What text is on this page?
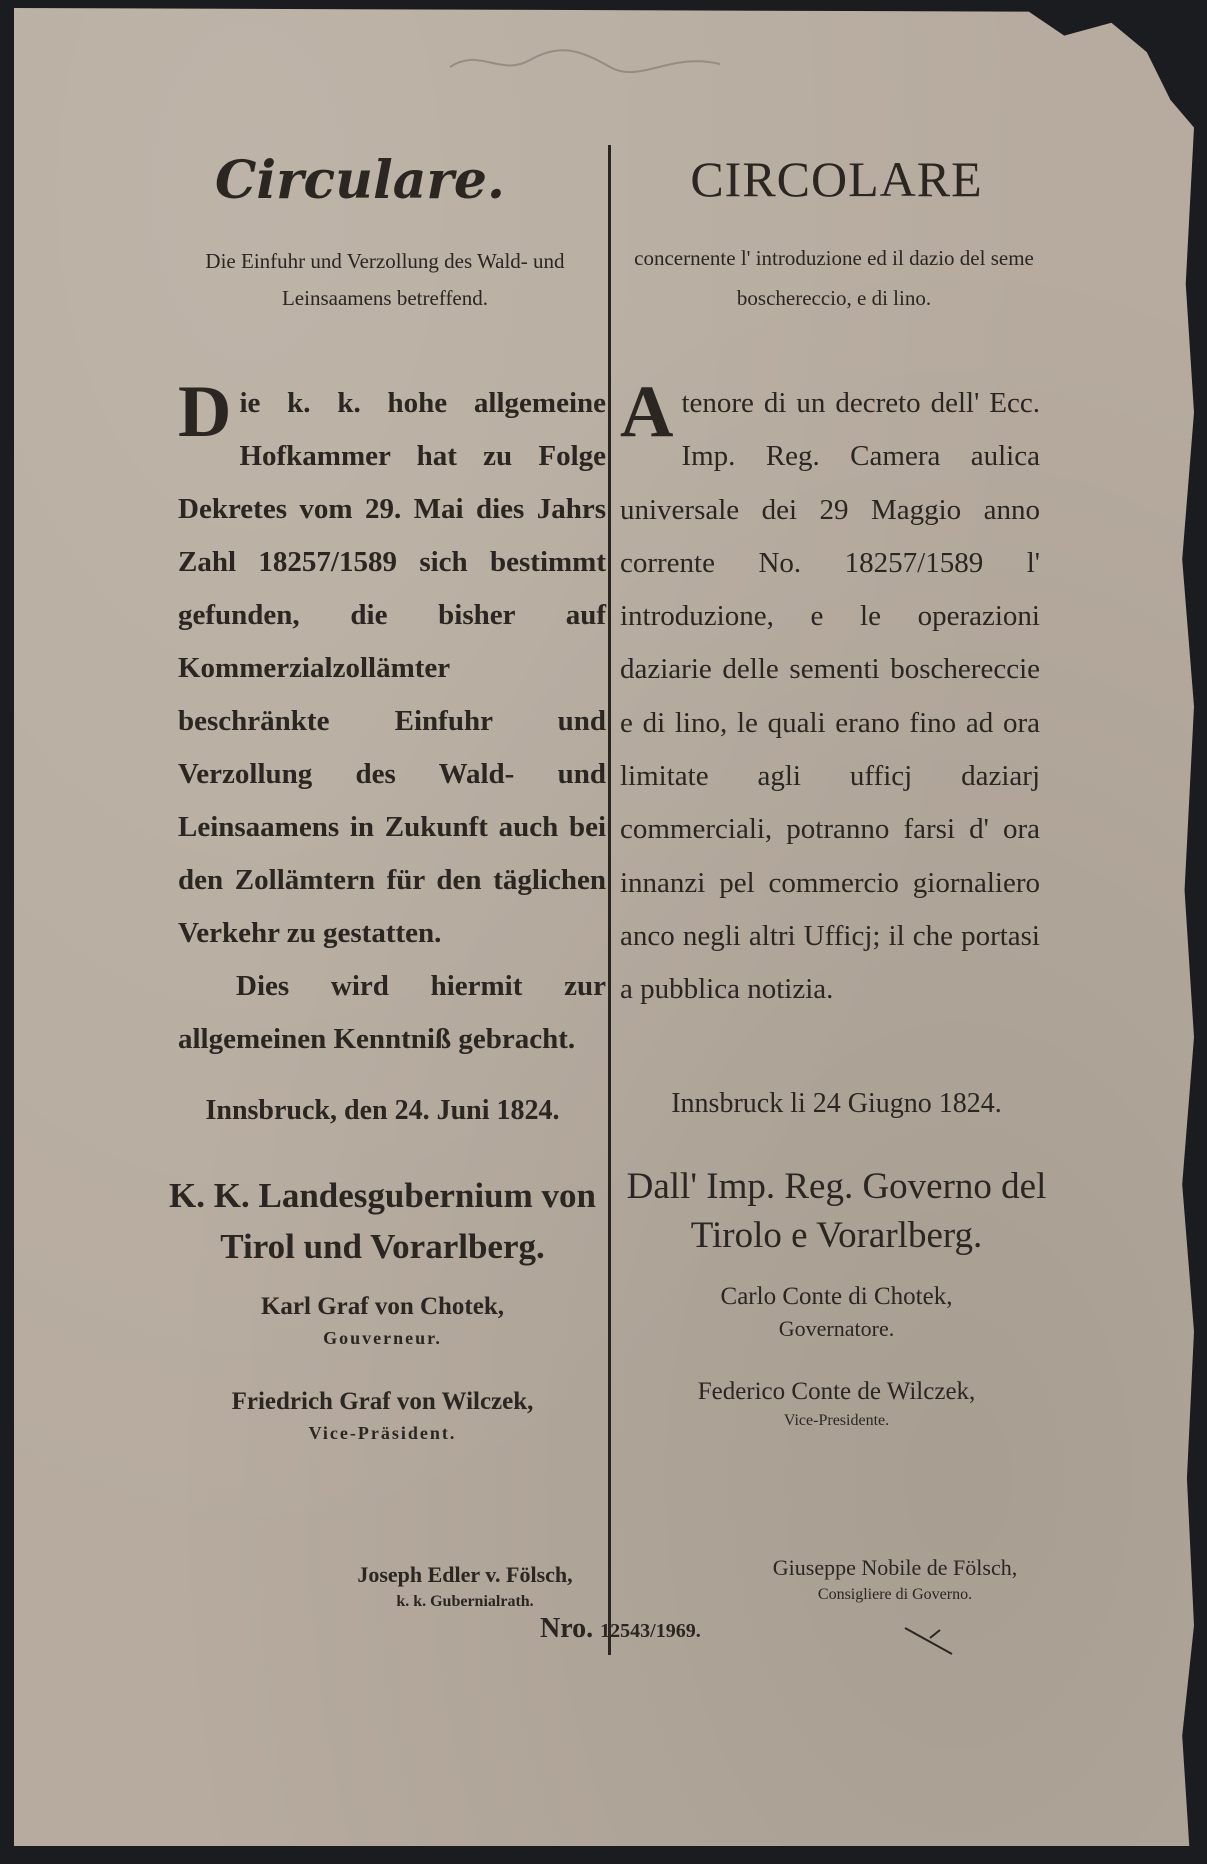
Circulare.	CIRCOLARE
Die Einfuhr und Verzollung des Wald- und Leinsaamens betreffend.
concernente l' introduzione ed il dazio del seme boschereccio, e di lino.
D ie k. k. hohe allgemeine Hofkammer hat zu Folge Dekretes vom 29. Mai dies Jahrs Zahl 18257/1589 sich bestimmt gefunden, die bisher auf Kommerzialzollämter beschränkte Einfuhr und Verzollung des Wald- und Leinsaamens in Zukunft auch bei den Zollämtern für den täglichen Verkehr zu gestatten.
Dies wird hiermit zur allgemeinen Kenntniß gebracht.
A tenore di un decreto dell' Ecc. Imp. Reg. Camera aulica universale dei 29 Maggio anno corrente No. 18257/1589 l' introduzione, e le operazioni daziarie delle sementi boschereccie e di lino, le quali erano fino ad ora limitate agli ufficj daziarj commerciali, potranno farsi d' ora innanzi pel commercio giornaliero anco negli altri Ufficj; il che portasi a pubblica notizia.
Innsbruck, den 24. Juni 1824.	Innsbruck li 24 Giugno 1824.
K. K. Landesgubernium von Tirol und Vorarlberg.
Dall' Imp. Reg. Governo del Tirolo e Vorarlberg.
Karl Graf von Chotek,
Gouverneur.
Friedrich Graf von Wilczek,
Vice-Präsident.
Joseph Edler v. Fölsch,
k. k. Gubernialrath.
Carlo Conte di Chotek,
Governatore.
Federico Conte de Wilczek,
Vice-Presidente.
Giuseppe Nobile de Fölsch,
Consigliere di Governo.
Nro. 12543/1969.
